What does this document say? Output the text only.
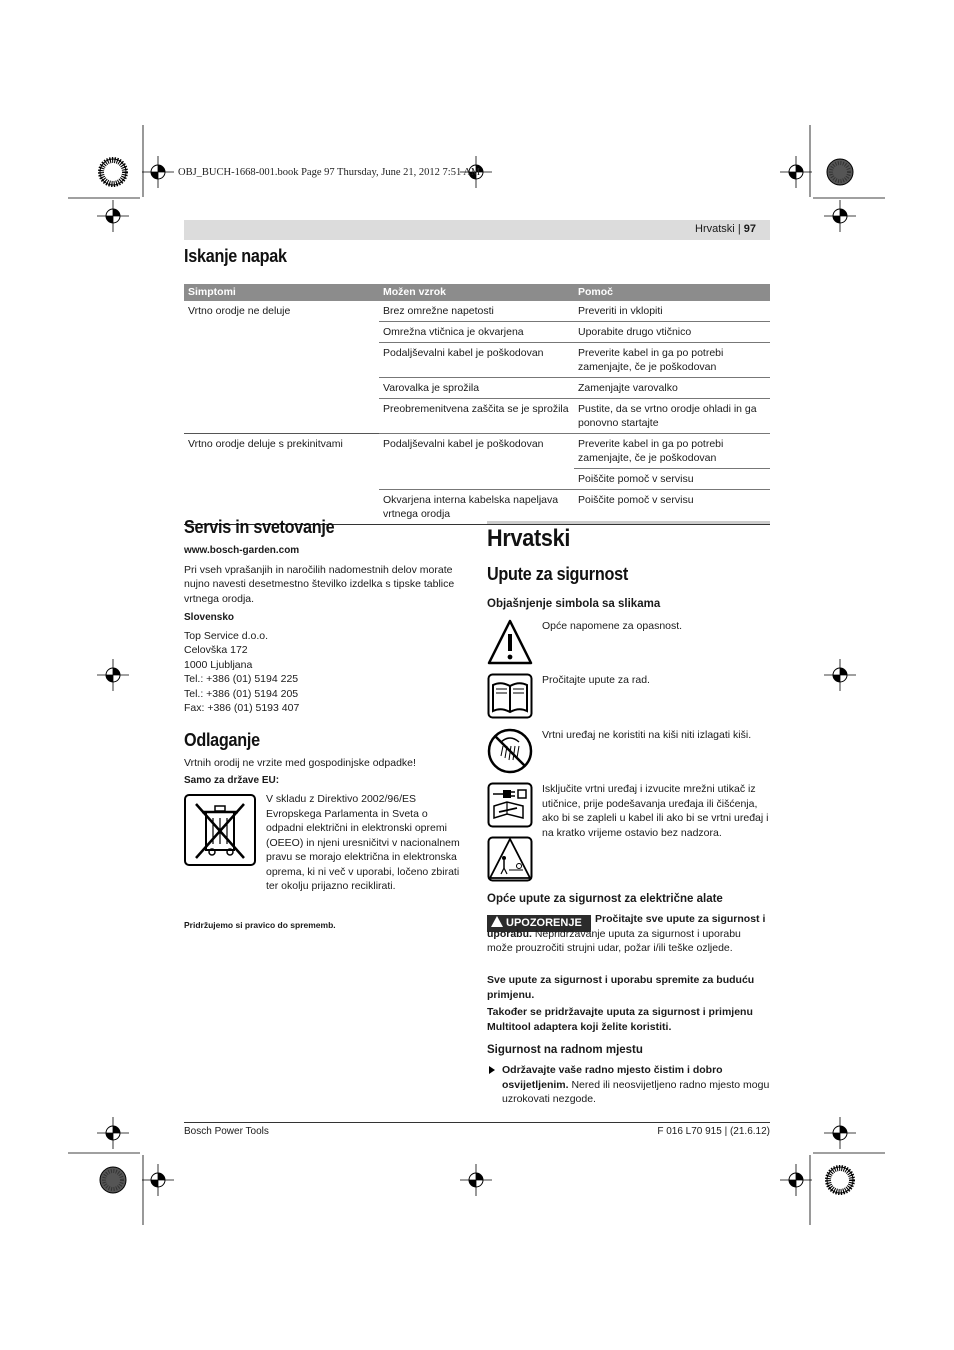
OBJ_BUCH-1668-001.book Page 97 Thursday, June 21, 2012 7:51 AM
Hrvatski | 97
Iskanje napak
Simptomi	Možen vzrok	Pomoč
Vrtno orodje ne deluje	Brez omrežne napetosti	Preveriti in vklopiti
	Omrežna vtičnica je okvarjena	Uporabite drugo vtičnico
	Podaljševalni kabel je poškodovan	Preverite kabel in ga po potrebi zamenjajte, če je poškodovan
	Varovalka je sprožila	Zamenjajte varovalko
	Preobremenitvena zaščita se je sprožila	Pustite, da se vrtno orodje ohladi in ga ponovno startajte
Vrtno orodje deluje s prekinitvami	Podaljševalni kabel je poškodovan	Preverite kabel in ga po potrebi zamenjajte, če je poškodovan
		Poiščite pomoč v servisu
	Okvarjena interna kabelska napeljava vrtnega orodja	Poiščite pomoč v servisu
Servis in svetovanje

www.bosch-garden.com

Pri vseh vprašanjih in naročilih nadomestnih delov morate nujno navesti desetmestno številko izdelka s tipske tablice vrtnega orodja.

Slovensko

Top Service d.o.o.

Celovška 172

1000 Ljubljana

Tel.: +386 (01) 5194 225

Tel.: +386 (01) 5194 205

Fax: +386 (01) 5193 407

Odlaganje

Vrtnih orodij ne vrzite med gospodinjske odpadke!

Samo za države EU:

V skladu z Direktivo 2002/96/ES Evropskega Parlamenta in Sveta o odpadni električni in elektronski opremi (OEEO) in njeni uresničitvi v nacionalnem pravu se morajo električna in elektronska oprema, ki ni več v uporabi, ločeno zbirati ter okolju prijazno reciklirati.
Pridržujemo si pravico do sprememb.
Hrvatski
Upute za sigurnost
Objašnjenje simbola sa slikama
Opće napomene za opasnost.
Pročitajte upute za rad.
Vrtni uređaj ne koristiti na kiši niti izlagati kiši.
Isključite vrtni uređaj i izvucite mrežni utikač iz utičnice, prije podešavanja uređaja ili čišćenja, ako bi se zapleli u kabel ili ako bi se vrtni uređaj i na kratko vrijeme ostavio bez nadzora.
Opće upute za sigurnost za električne alate
UPOZORENJE	Pročitajte sve upute za sigurnost i uporabu. Nepridržavanje uputa za sigurnost i uporabu može prouzročiti strujni udar, požar i/ili teške ozljede.
Sve upute za sigurnost i uporabu spremite za buduću primjenu.
Također se pridržavajte uputa za sigurnost i primjenu Multitool adaptera koji želite koristiti.
Sigurnost na radnom mjestu
Održavajte vaše radno mjesto čistim i dobro osvijetljenim. Nered ili neosvijetljeno radno mjesto mogu uzrokovati nezgode.
Bosch Power Tools	F 016 L70 915 | (21.6.12)
